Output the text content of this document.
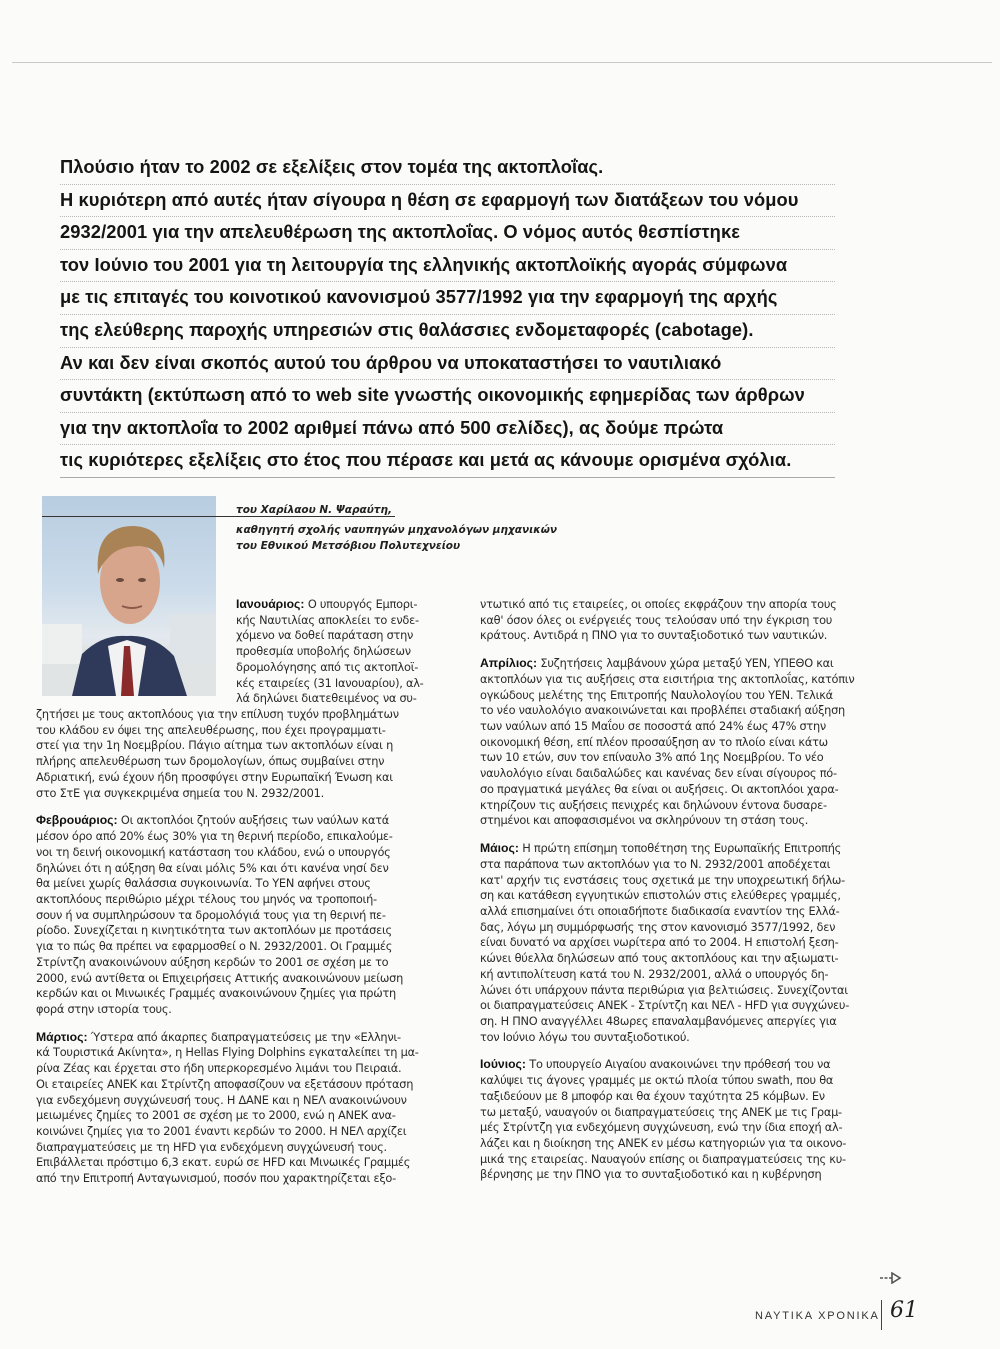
Πλούσιο ήταν το 2002 σε εξελίξεις στον τομέα της ακτοπλοΐας.
Η κυριότερη από αυτές ήταν σίγουρα η θέση σε εφαρμογή των διατάξεων του νόμου
2932/2001 για την απελευθέρωση της ακτοπλοΐας. Ο νόμος αυτός θεσπίστηκε
τον Ιούνιο του 2001 για τη λειτουργία της ελληνικής ακτοπλοϊκής αγοράς σύμφωνα
με τις επιταγές του κοινοτικού κανονισμού 3577/1992 για την εφαρμογή της αρχής
της ελεύθερης παροχής υπηρεσιών στις θαλάσσιες ενδομεταφορές (cabotage).
Αν και δεν είναι σκοπός αυτού του άρθρου να υποκαταστήσει το ναυτιλιακό
συντάκτη (εκτύπωση από το web site γνωστής οικονομικής εφημερίδας των άρθρων
για την ακτοπλοΐα το 2002 αριθμεί πάνω από 500 σελίδες), ας δούμε πρώτα
τις κυριότερες εξελίξεις στο έτος που πέρασε και μετά ας κάνουμε ορισμένα σχόλια.
του Χαρίλαου Ν. Ψαραύτη,
καθηγητή σχολής ναυπηγών μηχανολόγων μηχανικών
του Εθνικού Μετσόβιου Πολυτεχνείου
Ιανουάριος: Ο υπουργός Εμπορι-
κής Ναυτιλίας αποκλείει το ενδε-
χόμενο να δοθεί παράταση στην
προθεσμία υποβολής δηλώσεων
δρομολόγησης από τις ακτοπλοϊ-
κές εταιρείες (31 Ιανουαρίου), αλ-
λά δηλώνει διατεθειμένος να συ-
ζητήσει με τους ακτοπλόους για την επίλυση τυχόν προβλημάτων
του κλάδου εν όψει της απελευθέρωσης, που έχει προγραμματι-
στεί για την 1η Νοεμβρίου. Πάγιο αίτημα των ακτοπλόων είναι η
πλήρης απελευθέρωση των δρομολογίων, όπως συμβαίνει στην
Αδριατική, ενώ έχουν ήδη προσφύγει στην Ευρωπαϊκή Ένωση και
στο ΣτΕ για συγκεκριμένα σημεία του Ν. 2932/2001.
Φεβρουάριος: Οι ακτοπλόοι ζητούν αυξήσεις των ναύλων κατά
μέσον όρο από 20% έως 30% για τη θερινή περίοδο, επικαλούμε-
νοι τη δεινή οικονομική κατάσταση του κλάδου, ενώ ο υπουργός
δηλώνει ότι η αύξηση θα είναι μόλις 5% και ότι κανένα νησί δεν
θα μείνει χωρίς θαλάσσια συγκοινωνία. Το ΥΕΝ αφήνει στους
ακτοπλόους περιθώριο μέχρι τέλους του μηνός να τροποποιή-
σουν ή να συμπληρώσουν τα δρομολόγιά τους για τη θερινή πε-
ρίοδο. Συνεχίζεται η κινητικότητα των ακτοπλόων με προτάσεις
για το πώς θα πρέπει να εφαρμοσθεί ο Ν. 2932/2001. Οι Γραμμές
Στρίντζη ανακοινώνουν αύξηση κερδών το 2001 σε σχέση με το
2000, ενώ αντίθετα οι Επιχειρήσεις Αττικής ανακοινώνουν μείωση
κερδών και οι Μινωικές Γραμμές ανακοινώνουν ζημίες για πρώτη
φορά στην ιστορία τους.
Μάρτιος: Ύστερα από άκαρπες διαπραγματεύσεις με την «Ελληνι-
κά Τουριστικά Ακίνητα», η Hellas Flying Dolphins εγκαταλείπει τη μα-
ρίνα Ζέας και έρχεται στο ήδη υπερκορεσμένο λιμάνι του Πειραιά.
Οι εταιρείες ΑΝΕΚ και Στρίντζη αποφασίζουν να εξετάσουν πρόταση
για ενδεχόμενη συγχώνευσή τους. Η ΔΑΝΕ και η ΝΕΛ ανακοινώνουν
μειωμένες ζημίες το 2001 σε σχέση με το 2000, ενώ η ΑΝΕΚ ανα-
κοινώνει ζημίες για το 2001 έναντι κερδών το 2000. Η ΝΕΛ αρχίζει
διαπραγματεύσεις με τη HFD για ενδεχόμενη συγχώνευσή τους.
Επιβάλλεται πρόστιμο 6,3 εκατ. ευρώ σε HFD και Μινωικές Γραμμές
από την Επιτροπή Ανταγωνισμού, ποσόν που χαρακτηρίζεται εξο-
ντωτικό από τις εταιρείες, οι οποίες εκφράζουν την απορία τους
καθ' όσον όλες οι ενέργειές τους τελούσαν υπό την έγκριση του
κράτους. Αντιδρά η ΠΝΟ για το συνταξιοδοτικό των ναυτικών.
Απρίλιος: Συζητήσεις λαμβάνουν χώρα μεταξύ ΥΕΝ, ΥΠΕΘΟ και
ακτοπλόων για τις αυξήσεις στα εισιτήρια της ακτοπλοΐας, κατόπιν
ογκώδους μελέτης της Επιτροπής Ναυλολογίου του ΥΕΝ. Τελικά
το νέο ναυλολόγιο ανακοινώνεται και προβλέπει σταδιακή αύξηση
των ναύλων από 15 Μαΐου σε ποσοστά από 24% έως 47% στην
οικονομική θέση, επί πλέον προσαύξηση αν το πλοίο είναι κάτω
των 10 ετών, συν τον επίναυλο 3% από 1ης Νοεμβρίου. Το νέο
ναυλολόγιο είναι δαιδαλώδες και κανένας δεν είναι σίγουρος πό-
σο πραγματικά μεγάλες θα είναι οι αυξήσεις. Οι ακτοπλόοι χαρα-
κτηρίζουν τις αυξήσεις πενιχρές και δηλώνουν έντονα δυσαρε-
στημένοι και αποφασισμένοι να σκληρύνουν τη στάση τους.
Μάιος: Η πρώτη επίσημη τοποθέτηση της Ευρωπαϊκής Επιτροπής
στα παράπονα των ακτοπλόων για το Ν. 2932/2001 αποδέχεται
κατ' αρχήν τις ενστάσεις τους σχετικά με την υποχρεωτική δήλω-
ση και κατάθεση εγγυητικών επιστολών στις ελεύθερες γραμμές,
αλλά επισημαίνει ότι οποιαδήποτε διαδικασία εναντίον της Ελλά-
δας, λόγω μη συμμόρφωσής της στον κανονισμό 3577/1992, δεν
είναι δυνατό να αρχίσει νωρίτερα από το 2004. Η επιστολή ξεση-
κώνει θύελλα δηλώσεων από τους ακτοπλόους και την αξιωματι-
κή αντιπολίτευση κατά του Ν. 2932/2001, αλλά ο υπουργός δη-
λώνει ότι υπάρχουν πάντα περιθώρια για βελτιώσεις. Συνεχίζονται
οι διαπραγματεύσεις ΑΝΕΚ - Στρίντζη και ΝΕΛ - HFD για συγχώνευ-
ση. Η ΠΝΟ αναγγέλλει 48ωρες επαναλαμβανόμενες απεργίες για
τον Ιούνιο λόγω του συνταξιοδοτικού.
Ιούνιος: Το υπουργείο Αιγαίου ανακοινώνει την πρόθεσή του να
καλύψει τις άγονες γραμμές με οκτώ πλοία τύπου swath, που θα
ταξιδεύουν με 8 μποφόρ και θα έχουν ταχύτητα 25 κόμβων. Εν
τω μεταξύ, ναυαγούν οι διαπραγματεύσεις της ΑΝΕΚ με τις Γραμ-
μές Στρίντζη για ενδεχόμενη συγχώνευση, ενώ την ίδια εποχή αλ-
λάζει και η διοίκηση της ΑΝΕΚ εν μέσω κατηγοριών για τα οικονο-
μικά της εταιρείας. Ναυαγούν επίσης οι διαπραγματεύσεις της κυ-
βέρνησης με την ΠΝΟ για το συνταξιοδοτικό και η κυβέρνηση
ΝΑΥΤΙΚΑ ΧΡΟΝΙΚΑ 61
